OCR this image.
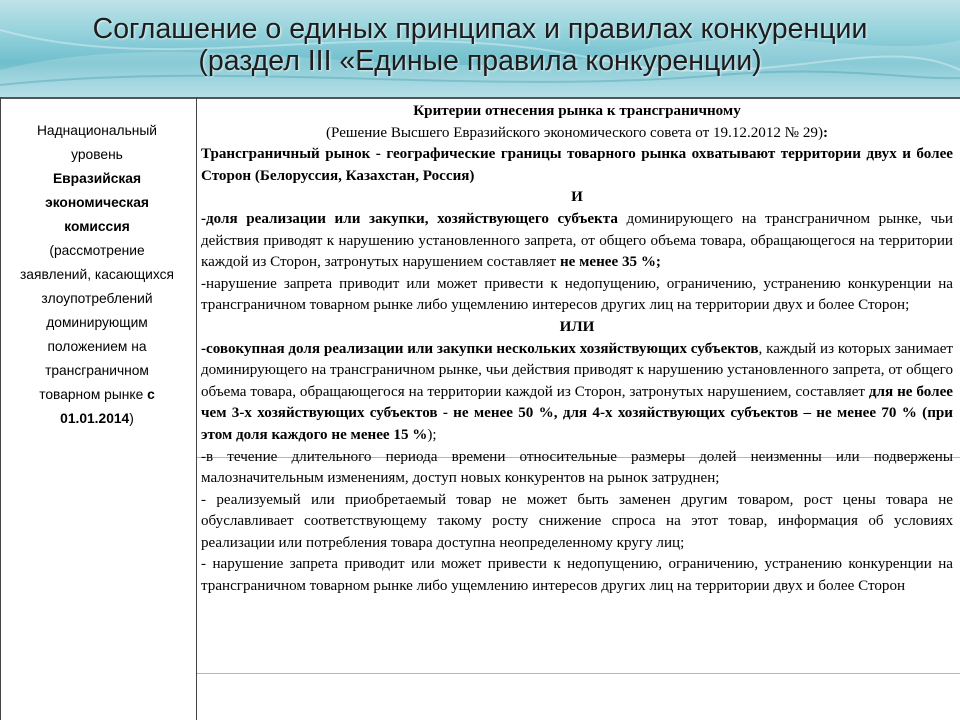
Соглашение о единых принципах и правилах конкуренции
(раздел III «Единые правила конкуренции)
Наднациональный
уровень
Евразийская
экономическая
комиссия
(рассмотрение
заявлений, касающихся
злоупотреблений
доминирующим
положением на
трансграничном
товарном рынке с
01.01.2014)

Критерии отнесения рынка к трансграничному

(Решение Высшего Евразийского экономического совета от 19.12.2012 № 29):

Трансграничный рынок - географические границы товарного рынка охватывают территории двух и более Сторон (Белоруссия, Казахстан, Россия)

И

-доля реализации или закупки, хозяйствующего субъекта доминирующего на трансграничном рынке, чьи действия приводят к нарушению установленного запрета, от общего объема товара, обращающегося на территории каждой из Сторон, затронутых нарушением составляет не менее 35 %;

-нарушение запрета приводит или может привести к недопущению, ограничению, устранению конкуренции на трансграничном товарном рынке либо ущемлению интересов других лиц на территории двух и более Сторон;

ИЛИ

-совокупная доля реализации или закупки нескольких хозяйствующих субъектов, каждый из которых занимает доминирующего на трансграничном рынке, чьи действия приводят к нарушению установленного запрета, от общего объема товара, обращающегося на территории каждой из Сторон, затронутых нарушением, составляет для не более чем 3-х хозяйствующих субъектов - не менее 50 %, для 4-х хозяйствующих субъектов – не менее 70 % (при этом доля каждого не менее 15 %);

-в течение длительного периода времени относительные размеры долей неизменны или подвержены малозначительным изменениям, доступ новых конкурентов на рынок затруднен;

- реализуемый или приобретаемый товар не может быть заменен другим товаром, рост цены товара не обуславливает соответствующему такому росту снижение спроса на этот товар, информация об условиях реализации или потребления товара доступна неопределенному кругу лиц;

- нарушение запрета приводит или может привести к недопущению, ограничению, устранению конкуренции на трансграничном товарном рынке либо ущемлению интересов других лиц на территории двух и более Сторон
